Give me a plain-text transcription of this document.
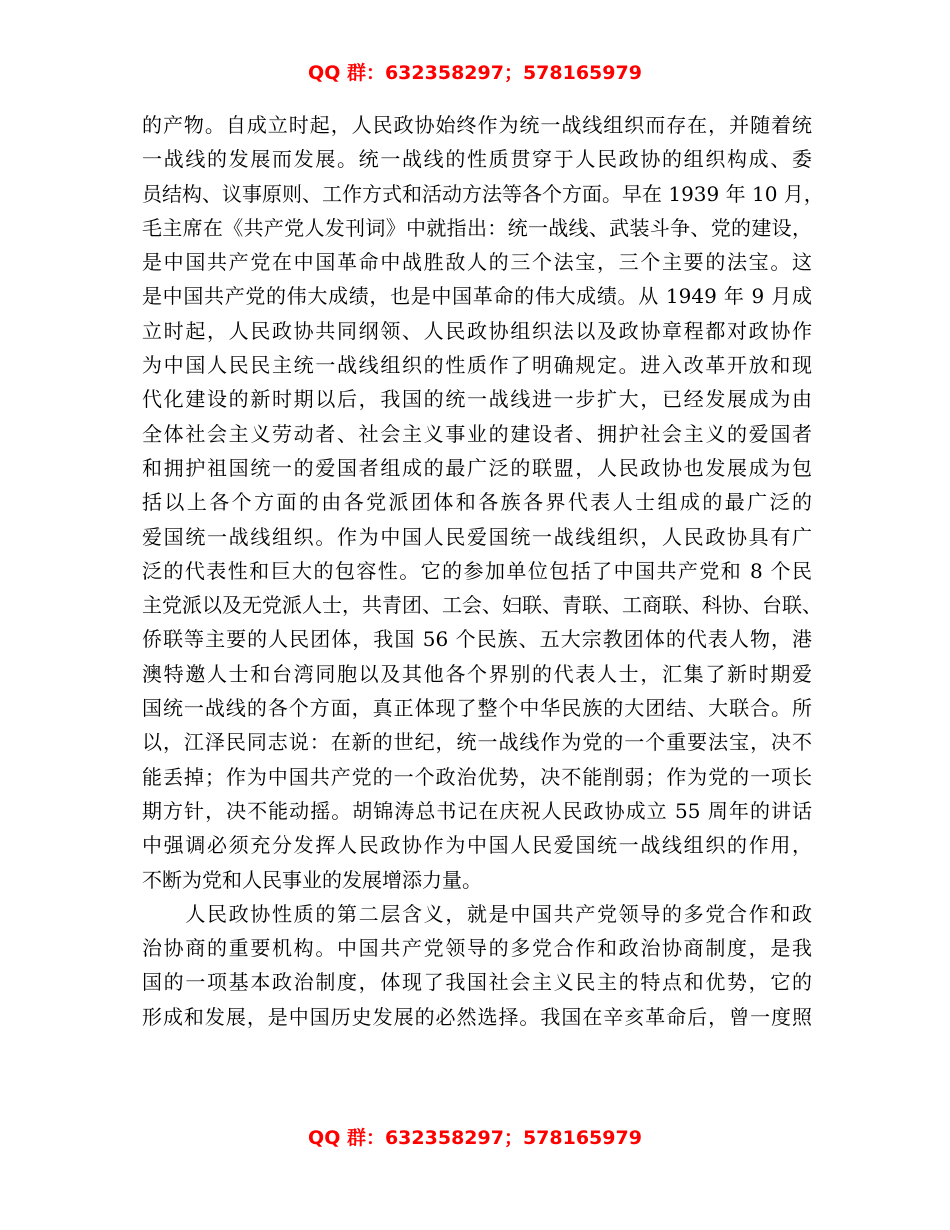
QQ 群：632358297；578165979
的产物。自成立时起，人民政协始终作为统一战线组织而存在，并随着统
一战线的发展而发展。统一战线的性质贯穿于人民政协的组织构成、委
员结构、议事原则、工作方式和活动方法等各个方面。早在 1939 年 10 月，
毛主席在《共产党人发刊词》中就指出：统一战线、武装斗争、党的建设，
是中国共产党在中国革命中战胜敌人的三个法宝，三个主要的法宝。这
是中国共产党的伟大成绩，也是中国革命的伟大成绩。从 1949 年 9 月成
立时起，人民政协共同纲领、人民政协组织法以及政协章程都对政协作
为中国人民民主统一战线组织的性质作了明确规定。进入改革开放和现
代化建设的新时期以后，我国的统一战线进一步扩大，已经发展成为由
全体社会主义劳动者、社会主义事业的建设者、拥护社会主义的爱国者
和拥护祖国统一的爱国者组成的最广泛的联盟，人民政协也发展成为包
括以上各个方面的由各党派团体和各族各界代表人士组成的最广泛的
爱国统一战线组织。作为中国人民爱国统一战线组织，人民政协具有广
泛的代表性和巨大的包容性。它的参加单位包括了中国共产党和 8 个民
主党派以及无党派人士，共青团、工会、妇联、青联、工商联、科协、台联、
侨联等主要的人民团体，我国 56 个民族、五大宗教团体的代表人物，港
澳特邀人士和台湾同胞以及其他各个界别的代表人士，汇集了新时期爱
国统一战线的各个方面，真正体现了整个中华民族的大团结、大联合。所
以，江泽民同志说：在新的世纪，统一战线作为党的一个重要法宝，决不
能丢掉；作为中国共产党的一个政治优势，决不能削弱；作为党的一项长
期方针，决不能动摇。胡锦涛总书记在庆祝人民政协成立 55 周年的讲话
中强调必须充分发挥人民政协作为中国人民爱国统一战线组织的作用，
不断为党和人民事业的发展增添力量。
　　人民政协性质的第二层含义，就是中国共产党领导的多党合作和政
治协商的重要机构。中国共产党领导的多党合作和政治协商制度，是我
国的一项基本政治制度，体现了我国社会主义民主的特点和优势，它的
形成和发展，是中国历史发展的必然选择。我国在辛亥革命后，曾一度照
QQ 群：632358297；578165979
